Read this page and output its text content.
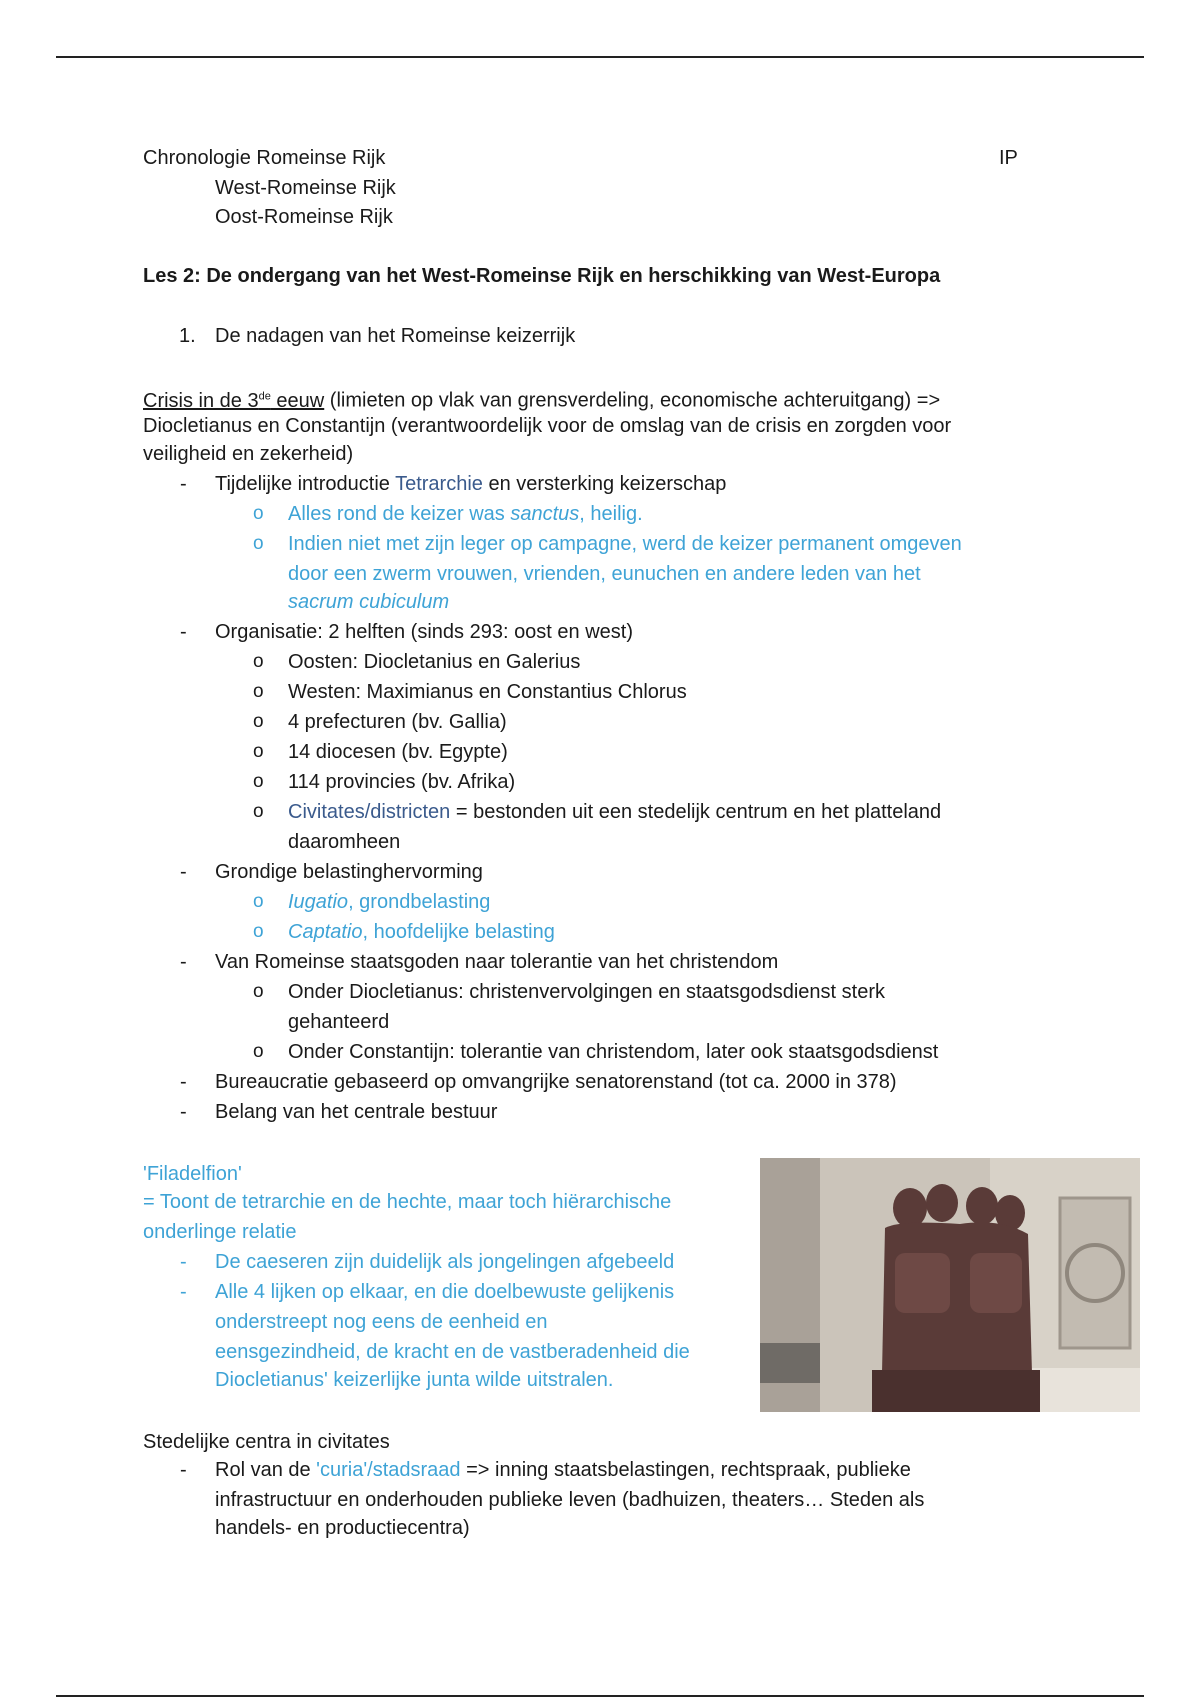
Chronologie Romeinse Rijk	IP
West-Romeinse Rijk
Oost-Romeinse Rijk
Les 2: De ondergang van het West-Romeinse Rijk en herschikking van West-Europa
1. De nadagen van het Romeinse keizerrijk
Crisis in de 3de eeuw (limieten op vlak van grensverdeling, economische achteruitgang) =>
Diocletianus en Constantijn (verantwoordelijk voor de omslag van de crisis en zorgden voor
veiligheid en zekerheid)
- Tijdelijke introductie Tetrarchie en versterking keizerschap
o Alles rond de keizer was sanctus, heilig.
o Indien niet met zijn leger op campagne, werd de keizer permanent omgeven
door een zwerm vrouwen, vrienden, eunuchen en andere leden van het
sacrum cubiculum
- Organisatie: 2 helften (sinds 293: oost en west)
o Oosten: Diocletanius en Galerius
o Westen: Maximianus en Constantius Chlorus
o 4 prefecturen (bv. Gallia)
o 14 diocesen (bv. Egypte)
o 114 provincies (bv. Afrika)
o Civitates/districten = bestonden uit een stedelijk centrum en het platteland
daaromheen
- Grondige belastinghervorming
o Iugatio, grondbelasting
o Captatio, hoofdelijke belasting
- Van Romeinse staatsgoden naar tolerantie van het christendom
o Onder Diocletianus: christenvervolgingen en staatsgodsdienst sterk
gehanteerd
o Onder Constantijn: tolerantie van christendom, later ook staatsgodsdienst
- Bureaucratie gebaseerd op omvangrijke senatorenstand (tot ca. 2000 in 378)
- Belang van het centrale bestuur
'Filadelfion'
= Toont de tetrarchie en de hechte, maar toch hiërarchische
onderlinge relatie
- De caeseren zijn duidelijk als jongelingen afgebeeld
- Alle 4 lijken op elkaar, en die doelbewuste gelijkenis
onderstreept nog eens de eenheid en
eensgezindheid, de kracht en de vastberadenheid die
Diocletianus' keizerlijke junta wilde uitstralen.
Stedelijke centra in civitates
- Rol van de 'curia'/stadsraad => inning staatsbelastingen, rechtspraak, publieke
infrastructuur en onderhouden publieke leven (badhuizen, theaters… Steden als
handels- en productiecentra)
